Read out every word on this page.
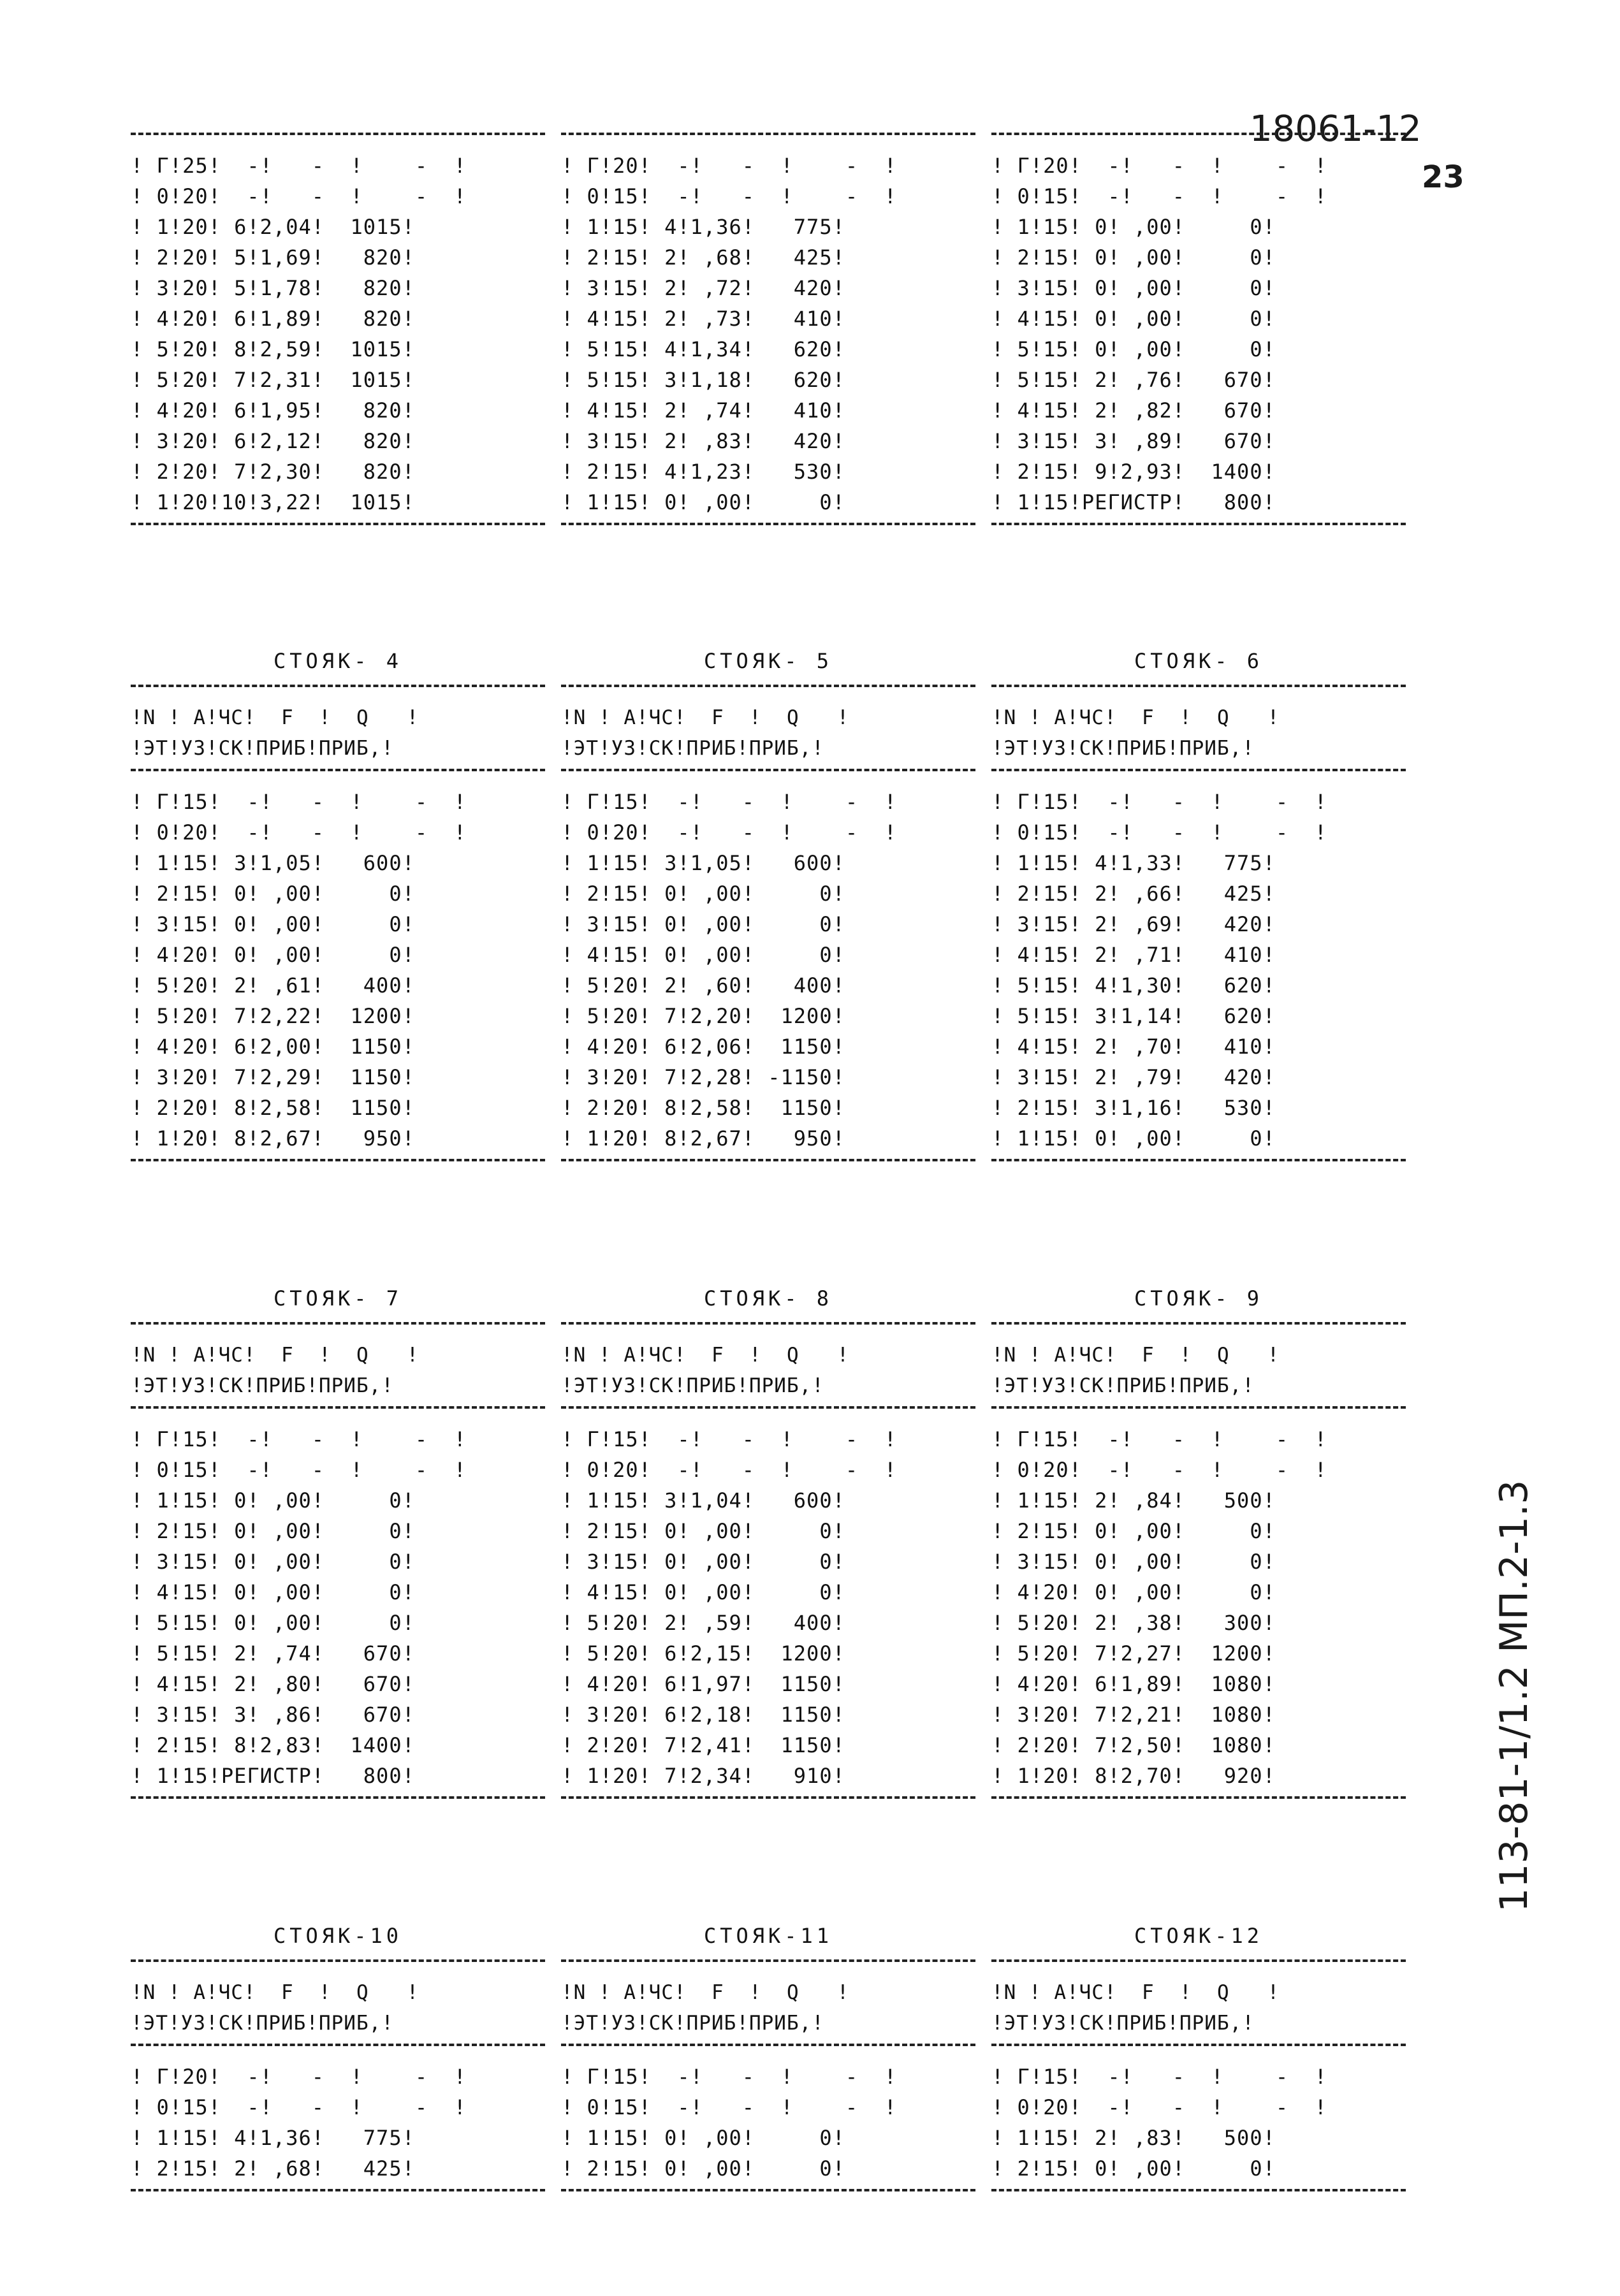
18061-12
23
113-81-1/1.2 МП.2-1.3
! Г!25!  -!   -  !    -  !
! 0!20!  -!   -  !    -  !
! 1!20! 6!2,04!  1015!
! 2!20! 5!1,69!   820!
! 3!20! 5!1,78!   820!
! 4!20! 6!1,89!   820!
! 5!20! 8!2,59!  1015!
! 5!20! 7!2,31!  1015!
! 4!20! 6!1,95!   820!
! 3!20! 6!2,12!   820!
! 2!20! 7!2,30!   820!
! 1!20!10!3,22!  1015!
! Г!20!  -!   -  !    -  !
! 0!15!  -!   -  !    -  !
! 1!15! 4!1,36!   775!
! 2!15! 2! ,68!   425!
! 3!15! 2! ,72!   420!
! 4!15! 2! ,73!   410!
! 5!15! 4!1,34!   620!
! 5!15! 3!1,18!   620!
! 4!15! 2! ,74!   410!
! 3!15! 2! ,83!   420!
! 2!15! 4!1,23!   530!
! 1!15! 0! ,00!     0!
! Г!20!  -!   -  !    -  !
! 0!15!  -!   -  !    -  !
! 1!15! 0! ,00!     0!
! 2!15! 0! ,00!     0!
! 3!15! 0! ,00!     0!
! 4!15! 0! ,00!     0!
! 5!15! 0! ,00!     0!
! 5!15! 2! ,76!   670!
! 4!15! 2! ,82!   670!
! 3!15! 3! ,89!   670!
! 2!15! 9!2,93!  1400!
! 1!15!РЕГИСТР!   800!
СТОЯК- 4	СТОЯК- 5	СТОЯК- 6
!N ! А!ЧС!  F  !  Q   !
!ЭТ!УЗ!СК!ПРИБ!ПРИБ,!
! Г!15!  -!   -  !    -  !
! 0!20!  -!   -  !    -  !
! 1!15! 3!1,05!   600!
! 2!15! 0! ,00!     0!
! 3!15! 0! ,00!     0!
! 4!20! 0! ,00!     0!
! 5!20! 2! ,61!   400!
! 5!20! 7!2,22!  1200!
! 4!20! 6!2,00!  1150!
! 3!20! 7!2,29!  1150!
! 2!20! 8!2,58!  1150!
! 1!20! 8!2,67!   950!
!N ! А!ЧС!  F  !  Q   !
!ЭТ!УЗ!СК!ПРИБ!ПРИБ,!
! Г!15!  -!   -  !    -  !
! 0!20!  -!   -  !    -  !
! 1!15! 3!1,05!   600!
! 2!15! 0! ,00!     0!
! 3!15! 0! ,00!     0!
! 4!15! 0! ,00!     0!
! 5!20! 2! ,60!   400!
! 5!20! 7!2,20!  1200!
! 4!20! 6!2,06!  1150!
! 3!20! 7!2,28! -1150!
! 2!20! 8!2,58!  1150!
! 1!20! 8!2,67!   950!
!N ! А!ЧС!  F  !  Q   !
!ЭТ!УЗ!СК!ПРИБ!ПРИБ,!
! Г!15!  -!   -  !    -  !
! 0!15!  -!   -  !    -  !
! 1!15! 4!1,33!   775!
! 2!15! 2! ,66!   425!
! 3!15! 2! ,69!   420!
! 4!15! 2! ,71!   410!
! 5!15! 4!1,30!   620!
! 5!15! 3!1,14!   620!
! 4!15! 2! ,70!   410!
! 3!15! 2! ,79!   420!
! 2!15! 3!1,16!   530!
! 1!15! 0! ,00!     0!
СТОЯК- 7	СТОЯК- 8	СТОЯК- 9
!N ! А!ЧС!  F  !  Q   !
!ЭТ!УЗ!СК!ПРИБ!ПРИБ,!
! Г!15!  -!   -  !    -  !
! 0!15!  -!   -  !    -  !
! 1!15! 0! ,00!     0!
! 2!15! 0! ,00!     0!
! 3!15! 0! ,00!     0!
! 4!15! 0! ,00!     0!
! 5!15! 0! ,00!     0!
! 5!15! 2! ,74!   670!
! 4!15! 2! ,80!   670!
! 3!15! 3! ,86!   670!
! 2!15! 8!2,83!  1400!
! 1!15!РЕГИСТР!   800!
!N ! А!ЧС!  F  !  Q   !
!ЭТ!УЗ!СК!ПРИБ!ПРИБ,!
! Г!15!  -!   -  !    -  !
! 0!20!  -!   -  !    -  !
! 1!15! 3!1,04!   600!
! 2!15! 0! ,00!     0!
! 3!15! 0! ,00!     0!
! 4!15! 0! ,00!     0!
! 5!20! 2! ,59!   400!
! 5!20! 6!2,15!  1200!
! 4!20! 6!1,97!  1150!
! 3!20! 6!2,18!  1150!
! 2!20! 7!2,41!  1150!
! 1!20! 7!2,34!   910!
!N ! А!ЧС!  F  !  Q   !
!ЭТ!УЗ!СК!ПРИБ!ПРИБ,!
! Г!15!  -!   -  !    -  !
! 0!20!  -!   -  !    -  !
! 1!15! 2! ,84!   500!
! 2!15! 0! ,00!     0!
! 3!15! 0! ,00!     0!
! 4!20! 0! ,00!     0!
! 5!20! 2! ,38!   300!
! 5!20! 7!2,27!  1200!
! 4!20! 6!1,89!  1080!
! 3!20! 7!2,21!  1080!
! 2!20! 7!2,50!  1080!
! 1!20! 8!2,70!   920!
СТОЯК-10	СТОЯК-11	СТОЯК-12
!N ! А!ЧС!  F  !  Q   !
!ЭТ!УЗ!СК!ПРИБ!ПРИБ,!
! Г!20!  -!   -  !    -  !
! 0!15!  -!   -  !    -  !
! 1!15! 4!1,36!   775!
! 2!15! 2! ,68!   425!
!N ! А!ЧС!  F  !  Q   !
!ЭТ!УЗ!СК!ПРИБ!ПРИБ,!
! Г!15!  -!   -  !    -  !
! 0!15!  -!   -  !    -  !
! 1!15! 0! ,00!     0!
! 2!15! 0! ,00!     0!
!N ! А!ЧС!  F  !  Q   !
!ЭТ!УЗ!СК!ПРИБ!ПРИБ,!
! Г!15!  -!   -  !    -  !
! 0!20!  -!   -  !    -  !
! 1!15! 2! ,83!   500!
! 2!15! 0! ,00!     0!
